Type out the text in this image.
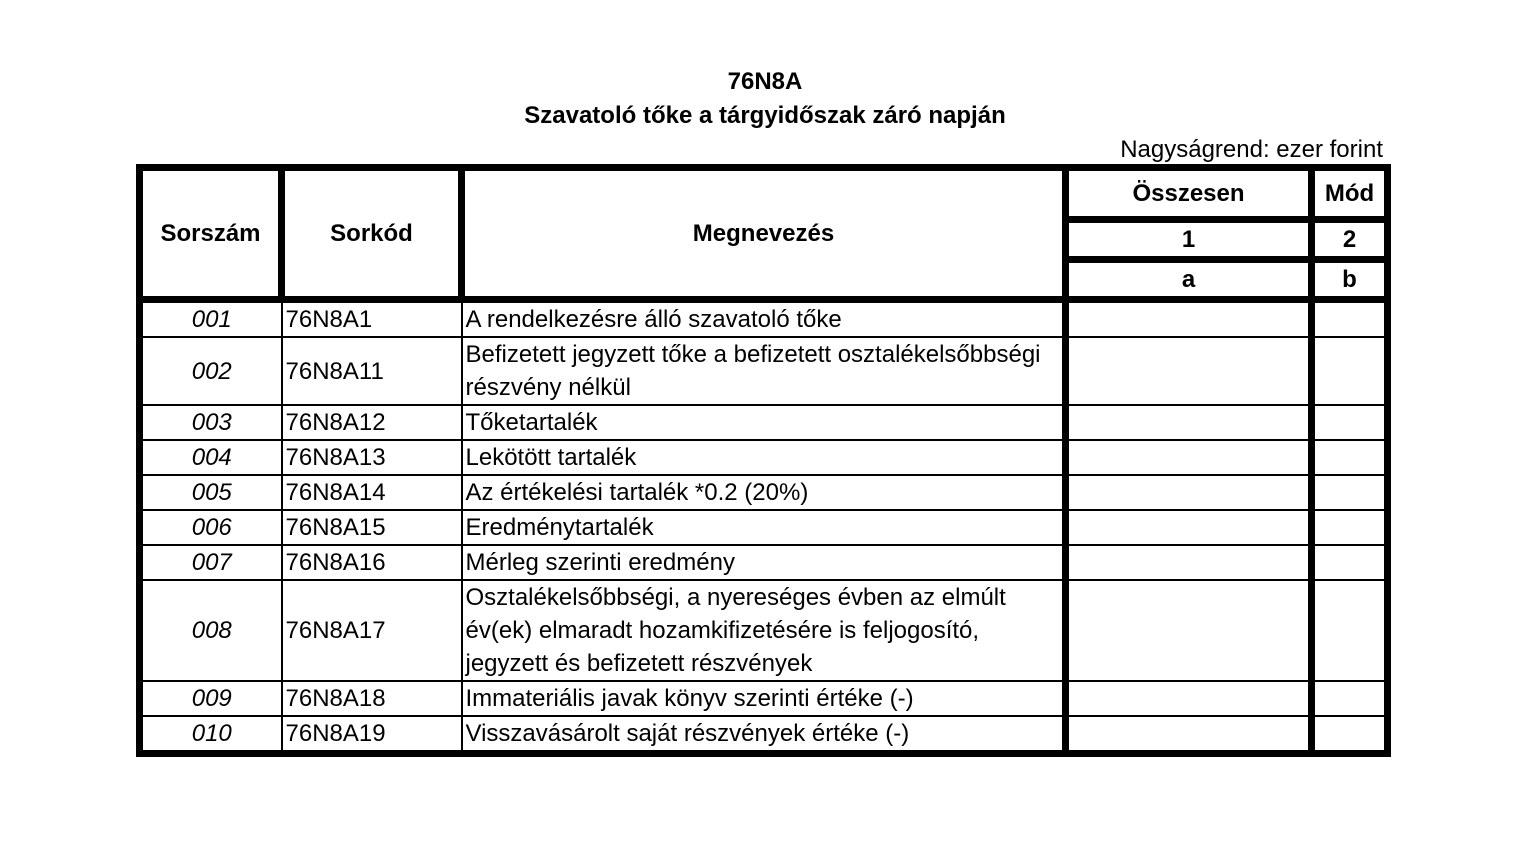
76N8A
Szavatoló tőke a tárgyidőszak záró napján
Nagyságrend: ezer forint
Sorszám	Sorkód	Megnevezés	Összesen	Mód
			1	2
			a	b
001	76N8A1	A rendelkezésre álló szavatoló tőke		
002	76N8A11	Befizetett jegyzett tőke a befizetett osztalékelsőbbségi részvény nélkül		
003	76N8A12	Tőketartalék		
004	76N8A13	Lekötött tartalék		
005	76N8A14	Az értékelési tartalék *0.2 (20%)		
006	76N8A15	Eredménytartalék		
007	76N8A16	Mérleg szerinti eredmény		
008	76N8A17	Osztalékelsőbbségi, a nyereséges évben az elmúlt év(ek) elmaradt hozamkifizetésére is feljogosító, jegyzett és befizetett részvények		
009	76N8A18	Immateriális javak könyv szerinti értéke (-)		
010	76N8A19	Visszavásárolt saját részvények értéke (-)		
